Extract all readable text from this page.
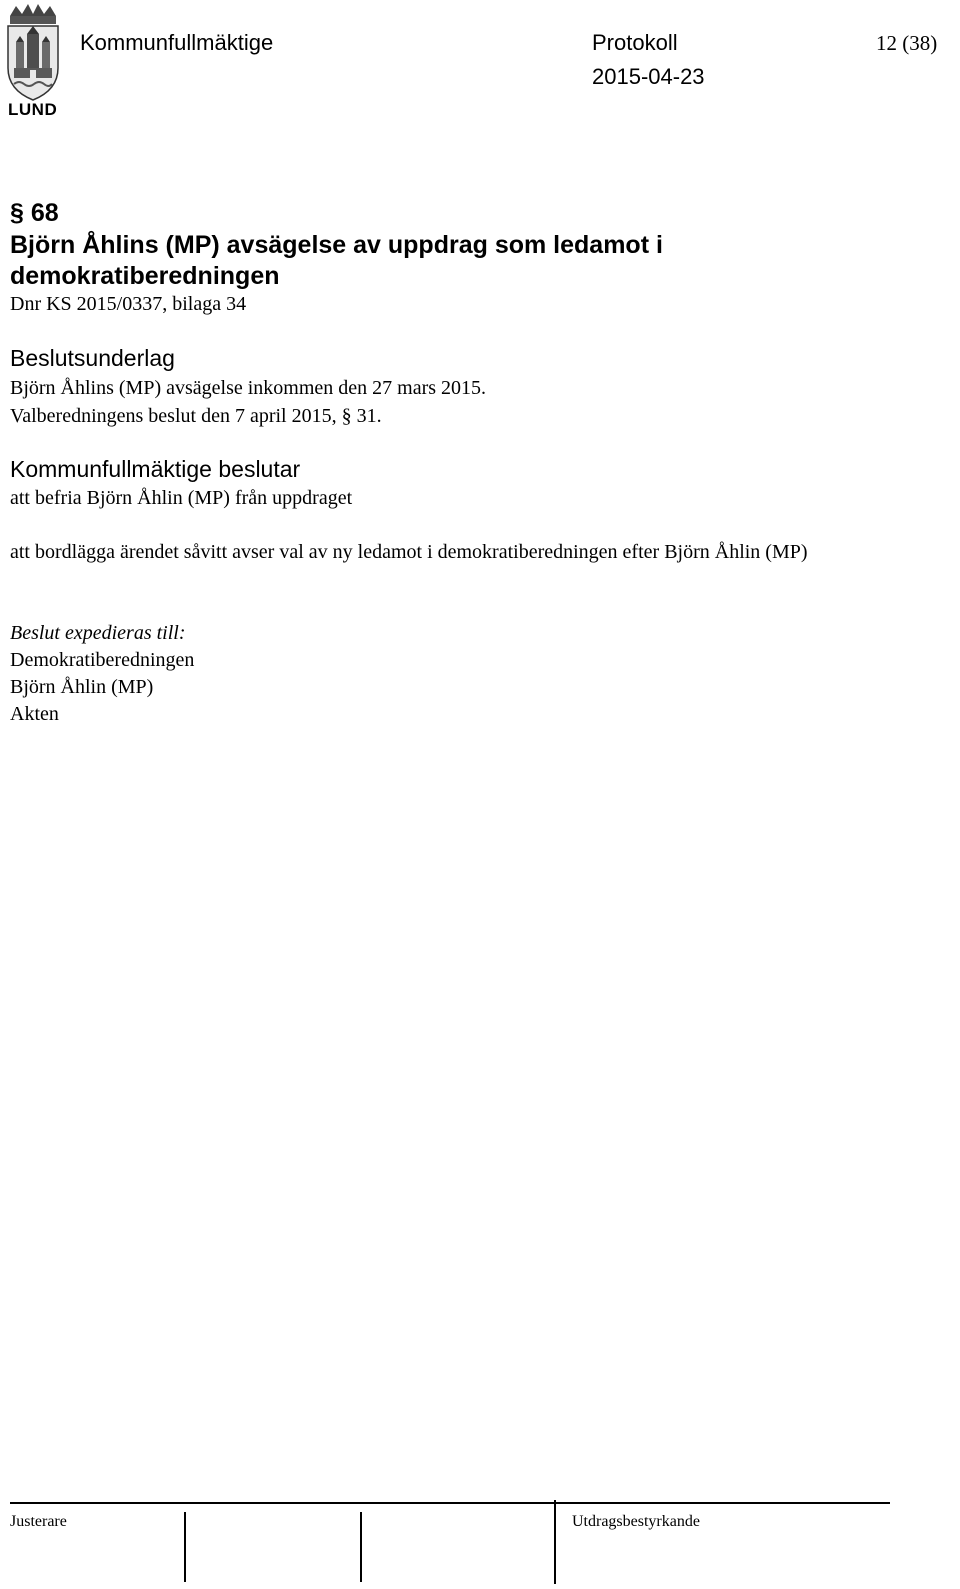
LUND
Kommunfullmäktige	Protokoll	12 (38)
2015-04-23
§ 68
Björn Åhlins (MP) avsägelse av uppdrag som ledamot i demokratiberedningen
Dnr KS 2015/0337, bilaga 34
Beslutsunderlag
Björn Åhlins (MP) avsägelse inkommen den 27 mars 2015.
Valberedningens beslut den 7 april 2015, § 31.
Kommunfullmäktige beslutar
att befria Björn Åhlin (MP) från uppdraget
att bordlägga ärendet såvitt avser val av ny ledamot i demokratiberedningen efter Björn Åhlin (MP)
Beslut expedieras till:
Demokratiberedningen
Björn Åhlin (MP)
Akten
Justerare	Utdragsbestyrkande
